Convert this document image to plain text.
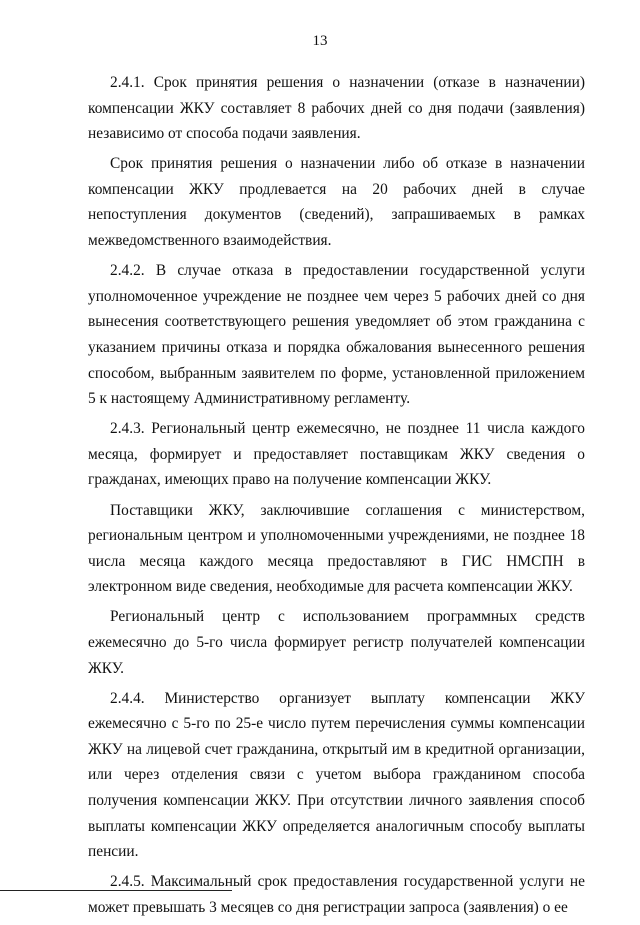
13

2.4.1. Срок принятия решения о назначении (отказе в назначении) компенсации ЖКУ составляет 8 рабочих дней со дня подачи (заявления) независимо от способа подачи заявления.

Срок принятия решения о назначении либо об отказе в назначении компенсации ЖКУ продлевается на 20 рабочих дней в случае непоступления документов (сведений), запрашиваемых в рамках межведомственного взаимодействия.

2.4.2. В случае отказа в предоставлении государственной услуги уполномоченное учреждение не позднее чем через 5 рабочих дней со дня вынесения соответствующего решения уведомляет об этом гражданина с указанием причины отказа и порядка обжалования вынесенного решения способом, выбранным заявителем по форме, установленной приложением 5 к настоящему Административному регламенту.

2.4.3. Региональный центр ежемесячно, не позднее 11 числа каждого месяца, формирует и предоставляет поставщикам ЖКУ сведения о гражданах, имеющих право на получение компенсации ЖКУ.

Поставщики ЖКУ, заключившие соглашения с министерством, региональным центром и уполномоченными учреждениями, не позднее 18 числа месяца каждого месяца предоставляют в ГИС НМСПН в электронном виде сведения, необходимые для расчета компенсации ЖКУ.

Региональный центр с использованием программных средств ежемесячно до 5-го числа формирует регистр получателей компенсации ЖКУ.

2.4.4. Министерство организует выплату компенсации ЖКУ ежемесячно с 5-го по 25-е число путем перечисления суммы компенсации ЖКУ на лицевой счет гражданина, открытый им в кредитной организации, или через отделения связи с учетом выбора гражданином способа получения компенсации ЖКУ. При отсутствии личного заявления способ выплаты компенсации ЖКУ определяется аналогичным способу выплаты пенсии.

2.4.5. Максимальный срок предоставления государственной услуги не может превышать 3 месяцев со дня регистрации запроса (заявления) о ее
